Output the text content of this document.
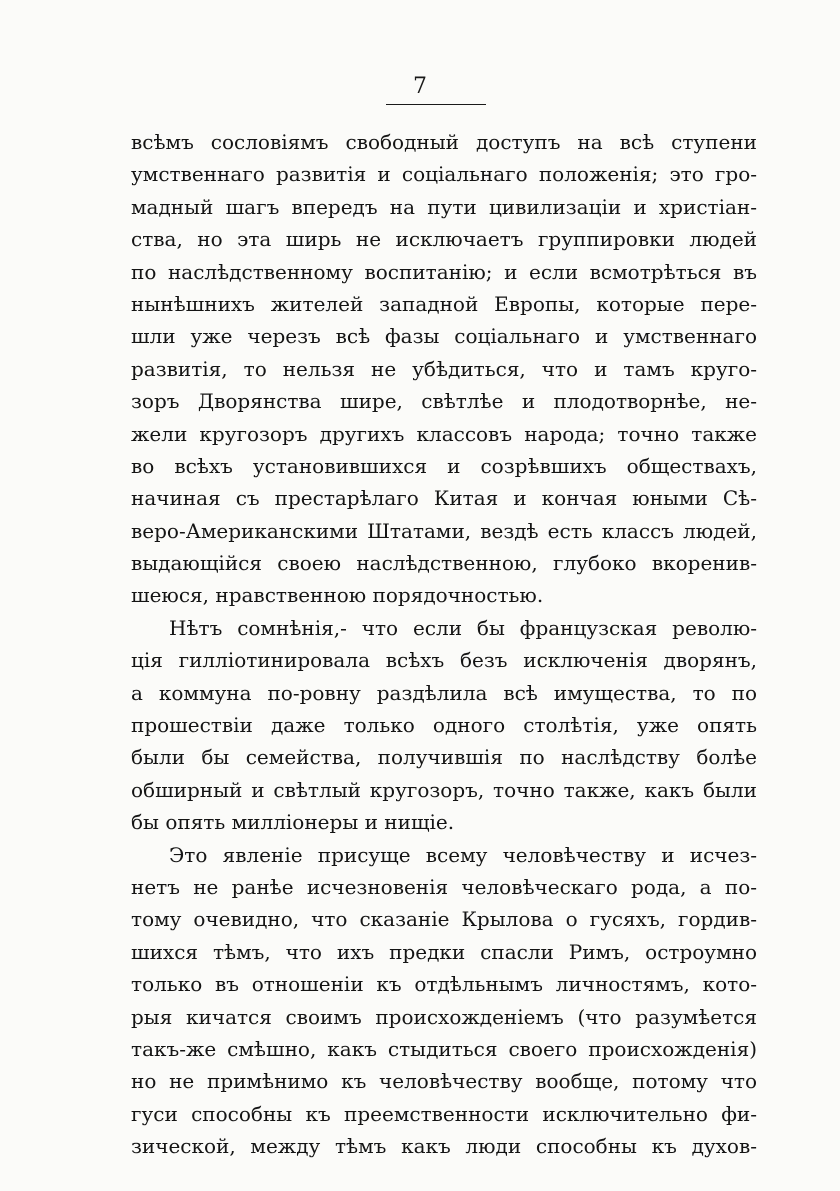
7
всѣмъ сословіямъ свободный доступъ на всѣ ступени
умственнаго развитія и соціальнаго положенія; это гро-
мадный шагъ впередъ на пути цивилизаціи и христіан-
ства, но эта ширь не исключаетъ группировки людей
по наслѣдственному воспитанію; и если всмотрѣться въ
нынѣшнихъ жителей западной Европы, которые пере-
шли уже черезъ всѣ фазы соціальнаго и умственнаго
развитія, то нельзя не убѣдиться, что и тамъ круго-
зоръ Дворянства шире, свѣтлѣе и плодотворнѣе, не-
жели кругозоръ другихъ классовъ народа; точно также
во всѣхъ установившихся и созрѣвшихъ обществахъ,
начиная съ престарѣлаго Китая и кончая юными Сѣ-
веро-Американскими Штатами, вездѣ есть классъ людей,
выдающійся своею наслѣдственною, глубоко вкоренив-
шеюся, нравственною порядочностью.
Нѣтъ сомнѣнія,- что если бы французская револю-
ція гиллiотинировала всѣхъ безъ исключенія дворянъ,
а коммуна по-ровну раздѣлила всѣ имущества, то по
прошествіи даже только одного столѣтія, уже опять
были бы семейства, получившія по наслѣдству болѣе
обширный и свѣтлый кругозоръ, точно также, какъ были
бы опять милліонеры и нищіе.
Это явленіе присуще всему человѣчеству и исчез-
нетъ не ранѣе исчезновенія человѣческаго рода, а по-
тому очевидно, что сказаніе Крылова о гусяхъ, гордив-
шихся тѣмъ, что ихъ предки спасли Римъ, остроумно
только въ отношеніи къ отдѣльнымъ личностямъ, кото-
рыя кичатся своимъ происхожденіемъ (что разумѣется
такъ-же смѣшно, какъ стыдиться своего происхожденія)
но не примѣнимо къ человѣчеству вообще, потому что
гуси способны къ преемственности исключительно фи-
зической, между тѣмъ какъ люди способны къ духов-
